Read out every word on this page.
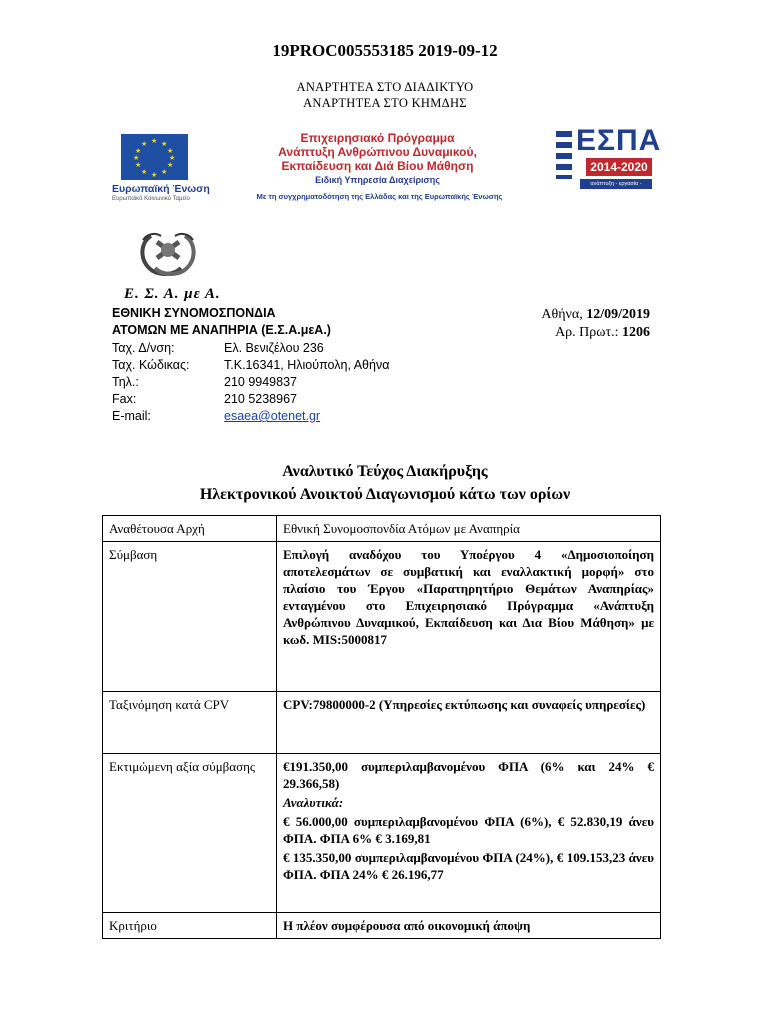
19PROC005553185 2019-09-12
ΑΝΑΡΤΗΤΕΑ ΣΤΟ ΔΙΑΔΙΚΤΥΟ
ΑΝΑΡΤΗΤΕΑ ΣΤΟ ΚΗΜΔΗΣ
★ ★
★
★
★
★
★
★
★
★
★
★
Ευρωπαϊκή Ένωση
Ευρωπαϊκό Κοινωνικό Ταμείο
Επιχειρησιακό Πρόγραμμα
Ανάπτυξη Ανθρώπινου Δυναμικού,
Εκπαίδευση και Διά Βίου Μάθηση
Ειδική Υπηρεσία Διαχείρισης
Με τη συγχρηματοδότηση της Ελλάδας και της Ευρωπαϊκής Ένωσης
ΕΣΠΑ
2014-2020
ανάπτυξη - εργασία - αλληλεγγύη
Ε. Σ. Α. με Α.
ΕΘΝΙΚΗ ΣΥΝΟΜΟΣΠΟΝΔΙΑ
ΑΤΟΜΩΝ ΜΕ ΑΝΑΠΗΡΙΑ (Ε.Σ.Α.μεΑ.)
Ταχ. Δ/νση:	Ελ. Βενιζέλου 236
Ταχ. Κώδικας:	Τ.Κ.16341, Ηλιούπολη, Αθήνα
Τηλ.:	210 9949837
Fax:	210 5238967
E-mail:	esaea@otenet.gr
Αθήνα, 12/09/2019
Αρ. Πρωτ.: 1206
Αναλυτικό Τεύχος Διακήρυξης
Ηλεκτρονικού Ανοικτού Διαγωνισμού κάτω των ορίων
Αναθέτουσα Αρχή	Εθνική Συνομοσπονδία Ατόμων με Αναπηρία
Σύμβαση	Επιλογή αναδόχου του Υποέργου 4 «Δημοσιοποίηση αποτελεσμάτων σε συμβατική και εναλλακτική μορφή» στο πλαίσιο του Έργου «Παρατηρητήριο Θεμάτων Αναπηρίας» ενταγμένου στο Επιχειρησιακό Πρόγραμμα «Ανάπτυξη Ανθρώπινου Δυναμικού, Εκπαίδευση και Δια Βίου Μάθηση» με κωδ. MIS:5000817
Ταξινόμηση κατά CPV	CPV:79800000-2 (Υπηρεσίες εκτύπωσης και συναφείς υπηρεσίες)
Εκτιμώμενη αξία σύμβασης	€191.350,00 συμπεριλαμβανομένου ΦΠΑ (6% και 24% € 29.366,58)
Αναλυτικά:
€ 56.000,00 συμπεριλαμβανομένου ΦΠΑ (6%), € 52.830,19 άνευ ΦΠΑ. ΦΠΑ 6% € 3.169,81
€ 135.350,00 συμπεριλαμβανομένου ΦΠΑ (24%), € 109.153,23 άνευ ΦΠΑ. ΦΠΑ 24% € 26.196,77

Κριτήριο	Η πλέον συμφέρουσα από οικονομική άποψη
